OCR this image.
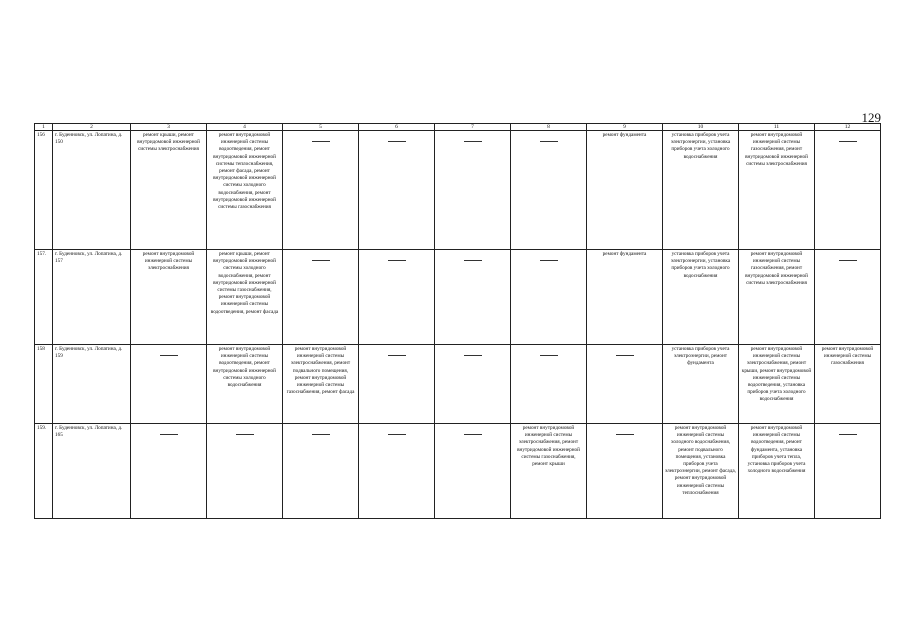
129
1	2	3	4	5	6	7	8	9	10	11	12
156	г. Буденновск, ул. Лопатина, д. 150	ремонт крыши, ремонт внутридомовой инженерной системы электроснабжения	ремонт внутридомовой инженерной системы водоотведения, ремонт внутридомовой инженерной системы теплоснабжения, ремонт фасада, ремонт внутридомовой инженерной системы холодного водоснабжения, ремонт внутридомовой инженерной системы газоснабжения					ремонт фундамента	установка приборов учета электроэнергии, установка приборов учета холодного водоснабжения	ремонт внутридомовой инженерной системы газоснабжения, ремонт внутридомовой инженерной системы электроснабжения	

157.	г. Буденновск, ул. Лопатина, д. 157	ремонт внутридомовой инженерной системы электроснабжения	ремонт крыши, ремонт внутридомовой инженерной системы холодного водоснабжения, ремонт внутридомовой инженерной системы газоснабжения, ремонт внутридомовой инженерной системы водоотведения, ремонт фасада					ремонт фундамента	установка приборов учета электроэнергии, установка приборов учета холодного водоснабжения	ремонт внутридомовой инженерной системы газоснабжения, ремонт внутридомовой инженерной системы электроснабжения	

158	г. Буденновск, ул. Лопатина, д. 159		ремонт внутридомовой инженерной системы водоотведения, ремонт внутридомовой инженерной системы холодного водоснабжения	ремонт внутридомовой инженерной системы электроснабжения, ремонт подвального помещения, ремонт внутридомовой инженерной системы газоснабжения, ремонт фасада					установка приборов учета электроэнергии, ремонт фундамента	ремонт внутридомовой инженерной системы электроснабжения, ремонт крыши, ремонт внутридомовой инженерной системы водоотведения, установка приборов учета холодного водоснабжения	ремонт внутридомовой инженерной системы газоснабжения
159.	г. Буденновск, ул. Лопатина, д. 165						ремонт внутридомовой инженерной системы электроснабжения, ремонт внутридомовой инженерной системы газоснабжения, ремонт крыши		ремонт внутридомовой инженерной системы холодного водоснабжения, ремонт подвального помещения, установка приборов учета электроэнергии, ремонт фасада, ремонт внутридомовой инженерной системы теплоснабжения	ремонт внутридомовой инженерной системы водоотведения, ремонт фундамента, установка приборов учета тепла, установка приборов учета холодного водоснабжения	
